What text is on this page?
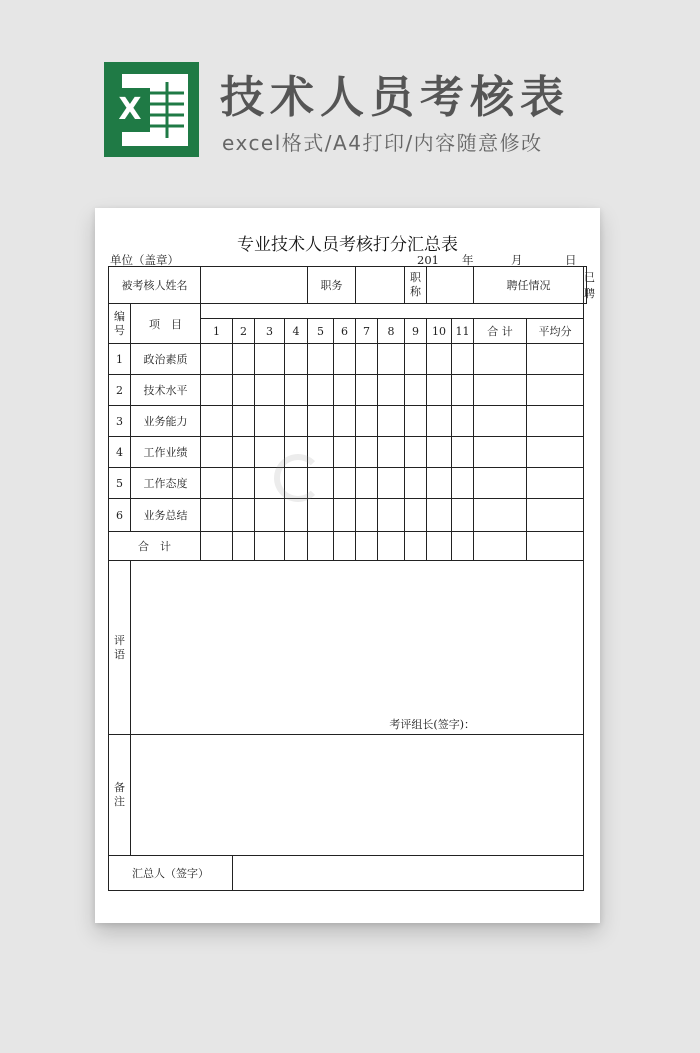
X 技术人员考核表
excel格式/A4打印/内容随意修改
专业技术人员考核打分汇总表
单位（盖章）	201　　年	月	日
被考核人姓名						职务				职称			聘任情况		已聘

编号	项　目														
		1	2	3	4	5	6	7	8	9	10	11	合 计	平均分	
1	政治素质														
2	技术水平														
3	业务能力														
4	工作业绩														
5	工作态度														
6	业务总结														
合　计															

评语	考评组长(签字)：														

备注															

汇总人（签字）															
